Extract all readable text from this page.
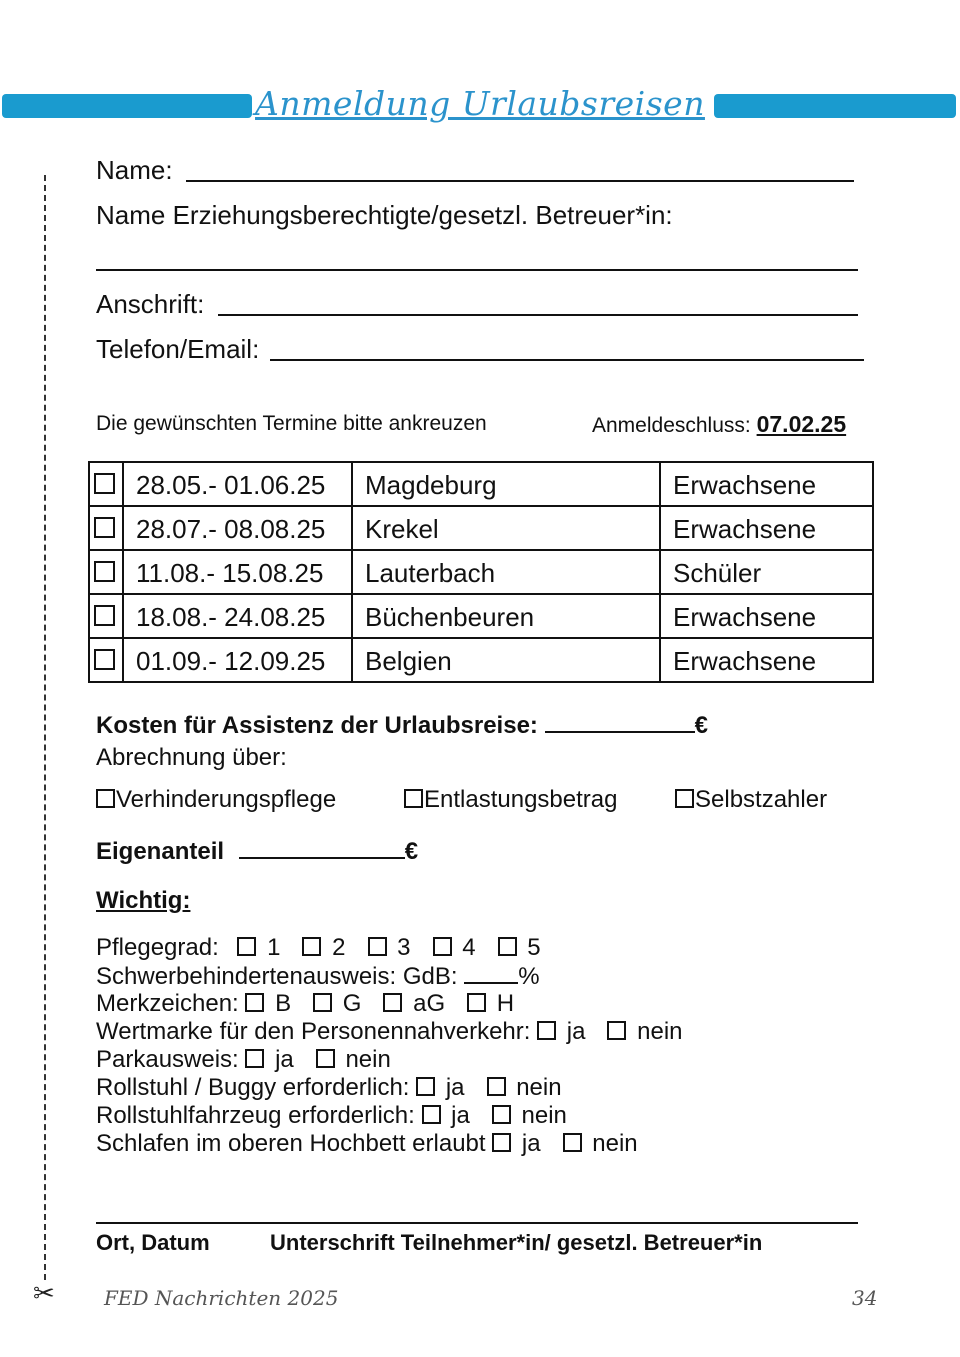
Anmeldung Urlaubsreisen
✂
Name:
Name Erziehungsberechtigte/gesetzl. Betreuer*in:
Anschrift:
Telefon/Email:
Die gewünschten Termine bitte ankreuzen	Anmeldeschluss: 07.02.25
	28.05.- 01.06.25	Magdeburg	Erwachsene
	28.07.- 08.08.25	Krekel	Erwachsene
	11.08.- 15.08.25	Lauterbach	Schüler
	18.08.- 24.08.25	Büchenbeuren	Erwachsene
	01.09.- 12.09.25	Belgien	Erwachsene
Kosten für Assistenz der Urlaubsreise:	€
Abrechnung über:
Verhinderungspflege	Entlastungsbetrag	Selbstzahler
Eigenanteil	€
Wichtig:
Pflegegrad: 1 2 3 4 5
Schwerbehindertenausweis: GdB:	%
Merkzeichen: B G aG H
Wertmarke für den Personennahverkehr: ja nein
Parkausweis: ja nein
Rollstuhl / Buggy erforderlich: ja nein
Rollstuhlfahrzeug erforderlich: ja nein
Schlafen im oberen Hochbett erlaubt ja nein
Ort, Datum	Unterschrift Teilnehmer*in/ gesetzl. Betreuer*in
FED Nachrichten 2025	34
